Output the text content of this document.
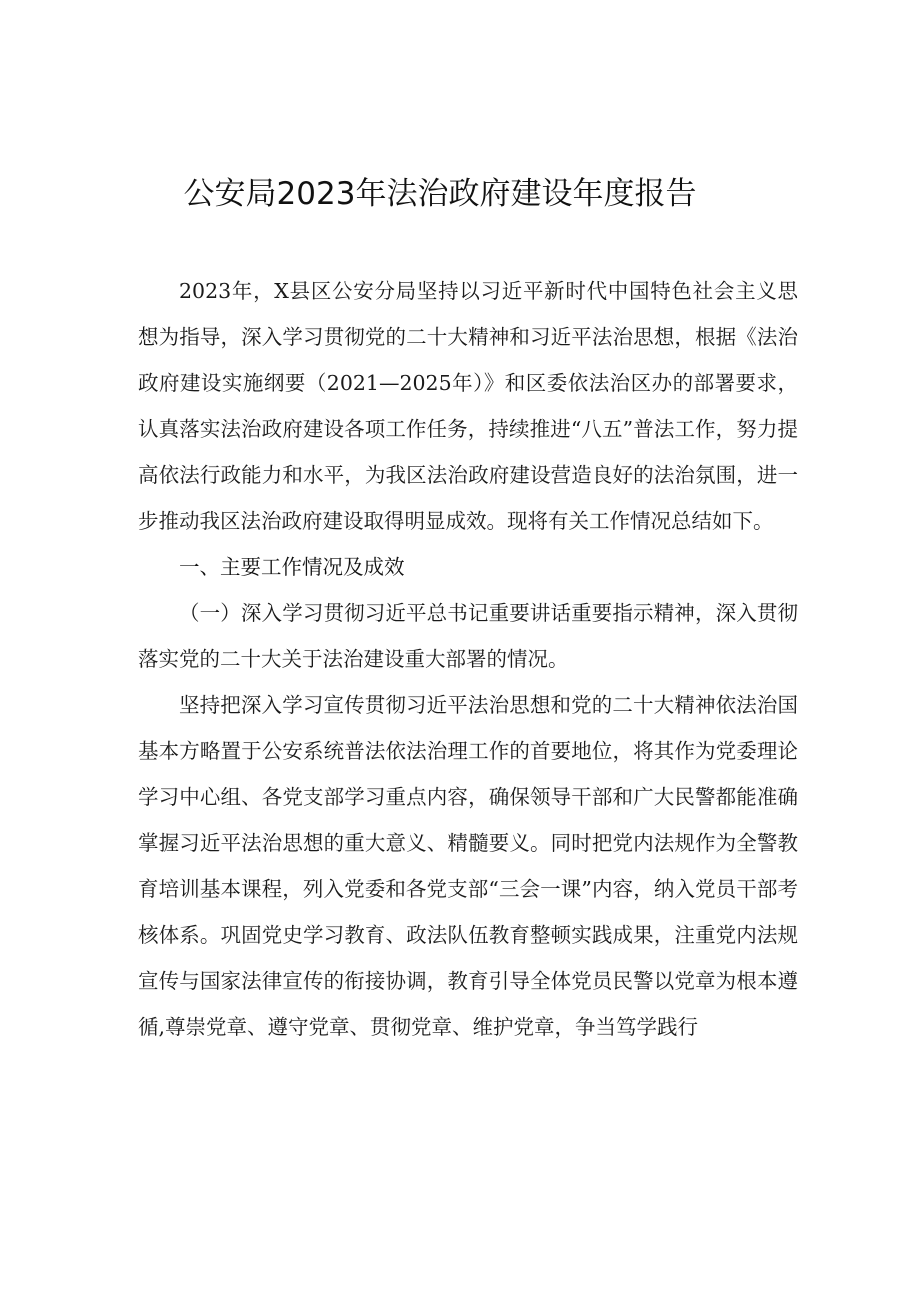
公安局2023年法治政府建设年度报告

2023年，X县区公安分局坚持以习近平新时代中国特色社会主义思想为指导，深入学习贯彻党的二十大精神和习近平法治思想，根据《法治政府建设实施纲要（2021—2025年）》和区委依法治区办的部署要求，认真落实法治政府建设各项工作任务，持续推进“八五”普法工作，努力提高依法行政能力和水平，为我区法治政府建设营造良好的法治氛围，进一步推动我区法治政府建设取得明显成效。现将有关工作情况总结如下。

一、主要工作情况及成效

（一）深入学习贯彻习近平总书记重要讲话重要指示精神，深入贯彻落实党的二十大关于法治建设重大部署的情况。

坚持把深入学习宣传贯彻习近平法治思想和党的二十大精神依法治国基本方略置于公安系统普法依法治理工作的首要地位，将其作为党委理论学习中心组、各党支部学习重点内容，确保领导干部和广大民警都能准确掌握习近平法治思想的重大意义、精髓要义。同时把党内法规作为全警教育培训基本课程，列入党委和各党支部“三会一课”内容，纳入党员干部考核体系。巩固党史学习教育、政法队伍教育整顿实践成果，注重党内法规宣传与国家法律宣传的衔接协调，教育引导全体党员民警以党章为根本遵循,尊崇党章、遵守党章、贯彻党章、维护党章，争当笃学践行
